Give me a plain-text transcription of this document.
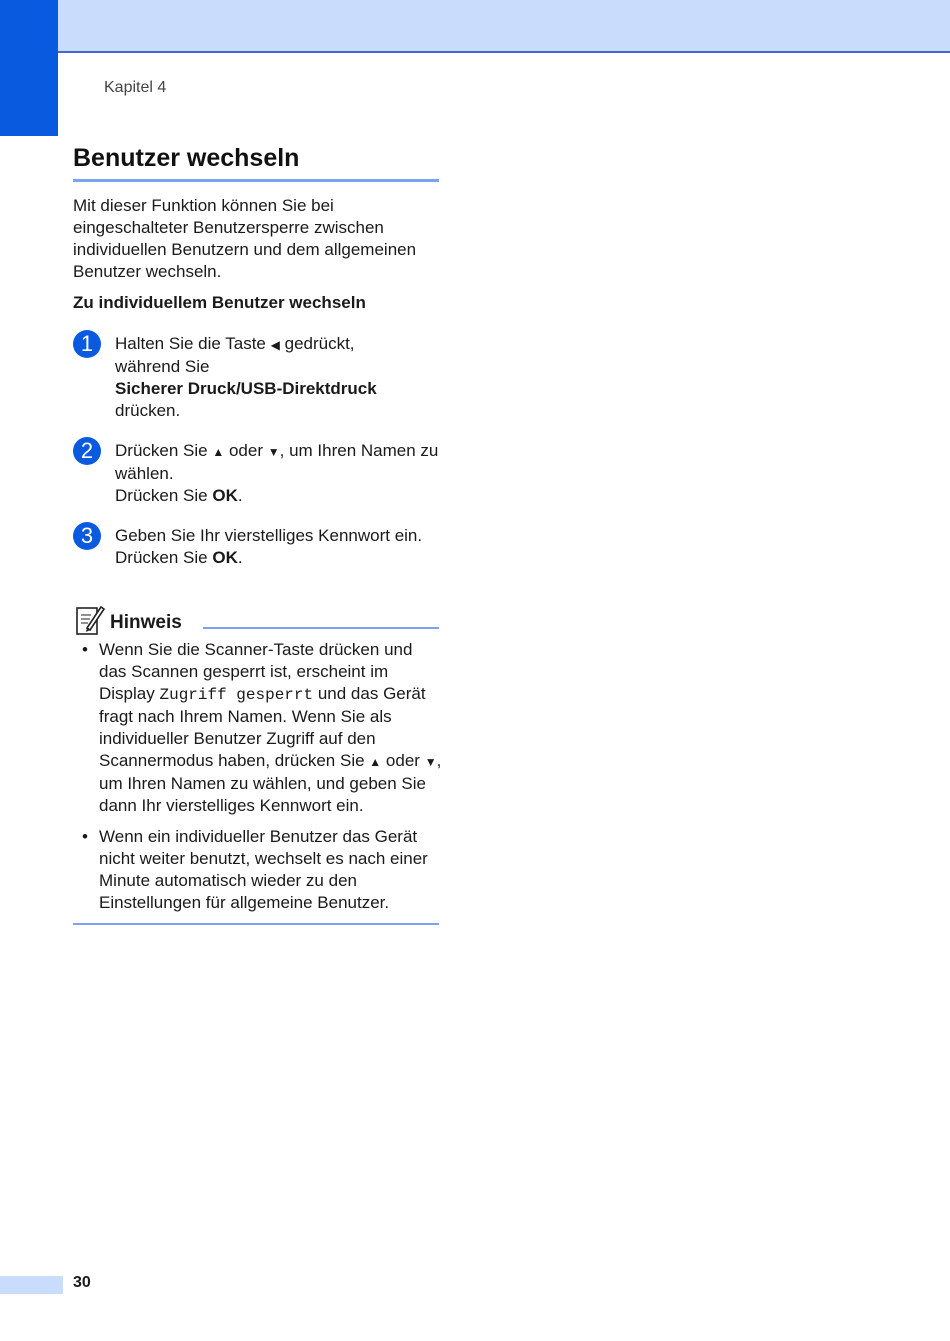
Kapitel 4
Benutzer wechseln

Mit dieser Funktion können Sie bei eingeschalteter Benutzersperre zwischen individuellen Benutzern und dem allgemeinen Benutzer wechseln.

Zu individuellem Benutzer wechseln

1	Halten Sie die Taste ◀ gedrückt,
während Sie
Sicherer Druck/USB-Direktdruck
drücken.
2	Drücken Sie ▲ oder ▼, um Ihren Namen zu wählen.
Drücken Sie OK.
3	Geben Sie Ihr vierstelliges Kennwort ein.
Drücken Sie OK.
Hinweis
• Wenn Sie die Scanner-Taste drücken und das Scannen gesperrt ist, erscheint im Display Zugriff gesperrt und das Gerät fragt nach Ihrem Namen. Wenn Sie als individueller Benutzer Zugriff auf den Scannermodus haben, drücken Sie ▲ oder ▼, um Ihren Namen zu wählen, und geben Sie dann Ihr vierstelliges Kennwort ein.
• Wenn ein individueller Benutzer das Gerät nicht weiter benutzt, wechselt es nach einer Minute automatisch wieder zu den Einstellungen für allgemeine Benutzer.
30
